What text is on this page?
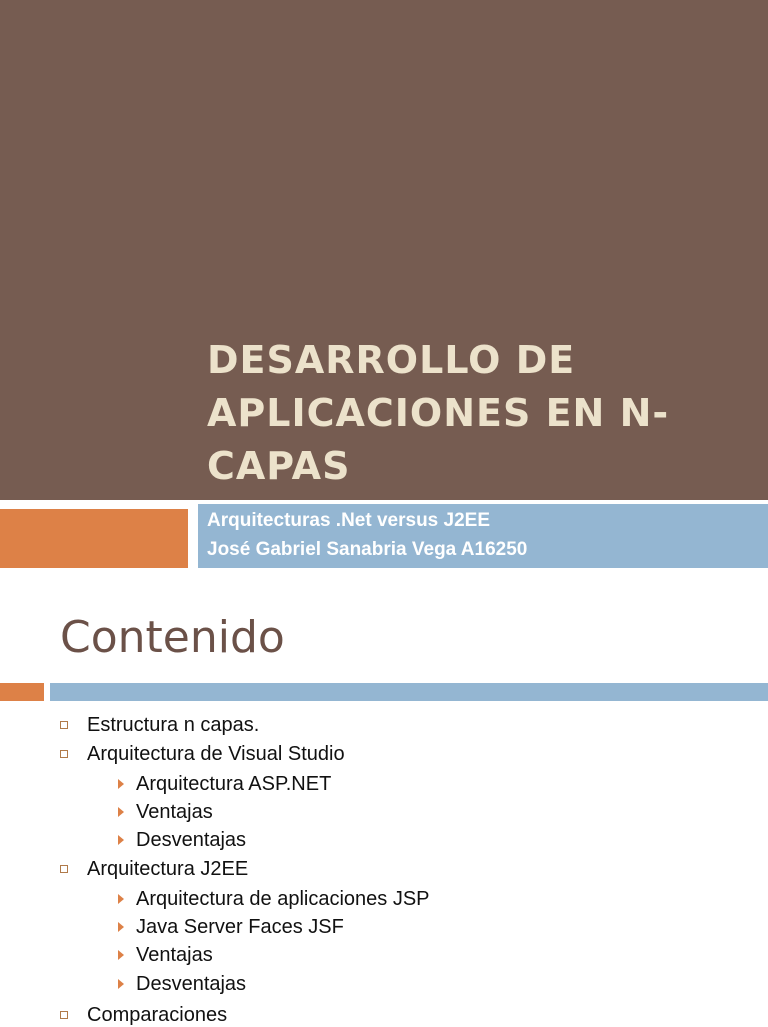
DESARROLLO DE
APLICACIONES EN N-
CAPAS
Arquitecturas .Net versus J2EE
José Gabriel Sanabria Vega A16250
Contenido
Estructura n capas.
Arquitectura de Visual Studio
Arquitectura ASP.NET
Ventajas
Desventajas
Arquitectura J2EE
Arquitectura de aplicaciones JSP
Java Server Faces JSF
Ventajas
Desventajas
Comparaciones
